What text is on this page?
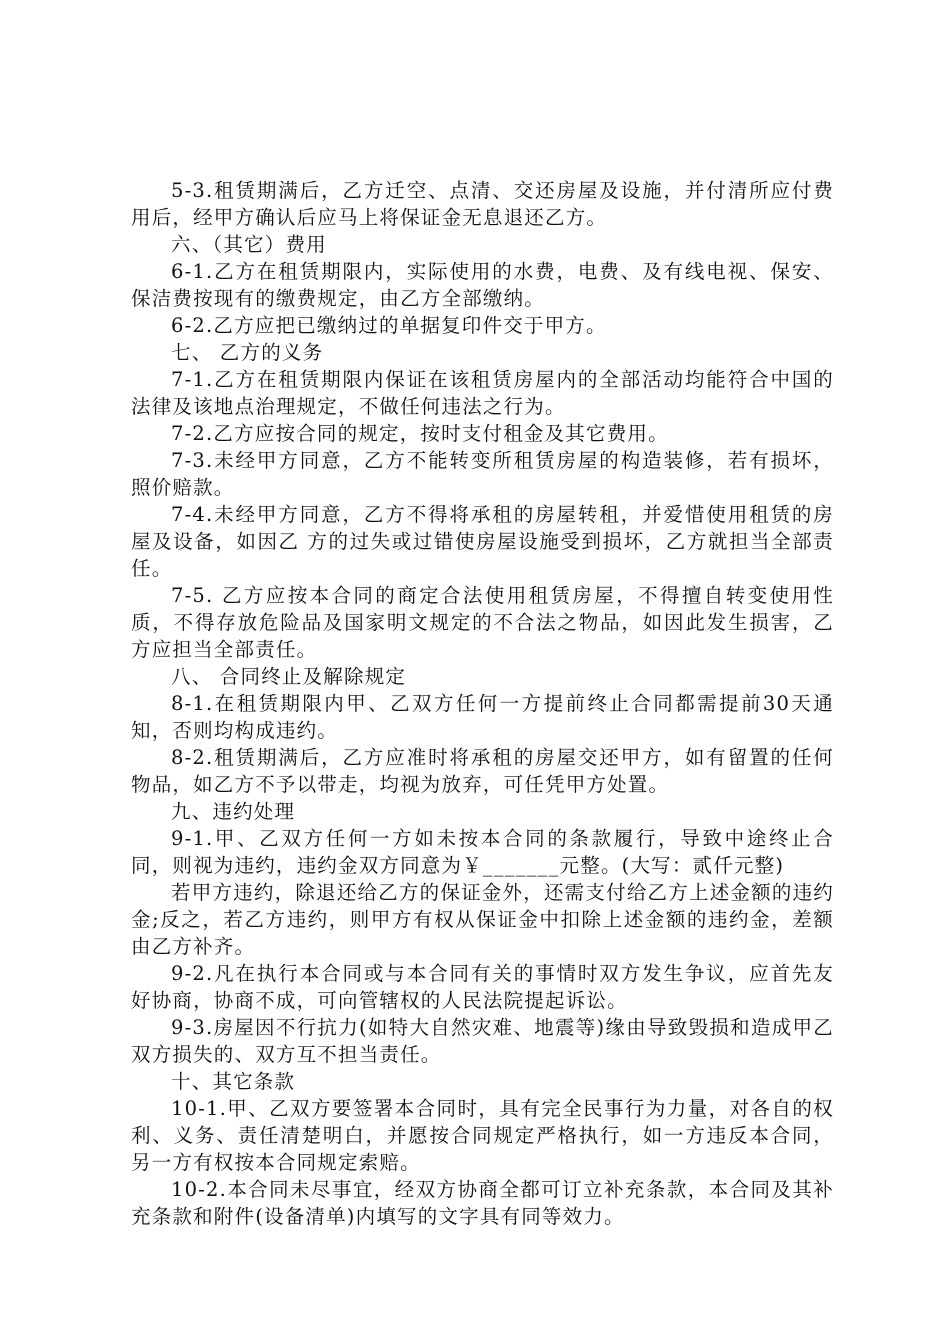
5-3.租赁期满后，乙方迁空、点清、交还房屋及设施，并付清所应付费用后，经甲方确认后应马上将保证金无息退还乙方。

六、（其它）费用

6-1.乙方在租赁期限内，实际使用的水费，电费、及有线电视、保安、保洁费按现有的缴费规定，由乙方全部缴纳。

6-2.乙方应把已缴纳过的单据复印件交于甲方。

七、 乙方的义务

7-1.乙方在租赁期限内保证在该租赁房屋内的全部活动均能符合中国的法律及该地点治理规定，不做任何违法之行为。

7-2.乙方应按合同的规定，按时支付租金及其它费用。

7-3.未经甲方同意，乙方不能转变所租赁房屋的构造装修，若有损坏，照价赔款。

7-4.未经甲方同意，乙方不得将承租的房屋转租，并爱惜使用租赁的房屋及设备，如因乙 方的过失或过错使房屋设施受到损坏，乙方就担当全部责任。

7-5. 乙方应按本合同的商定合法使用租赁房屋，不得擅自转变使用性质，不得存放危险品及国家明文规定的不合法之物品，如因此发生损害，乙方应担当全部责任。

八、 合同终止及解除规定

8-1.在租赁期限内甲、乙双方任何一方提前终止合同都需提前30天通知，否则均构成违约。

8-2.租赁期满后，乙方应准时将承租的房屋交还甲方，如有留置的任何物品，如乙方不予以带走，均视为放弃，可任凭甲方处置。

九、违约处理

9-1.甲、乙双方任何一方如未按本合同的条款履行，导致中途终止合同，则视为违约，违约金双方同意为￥_______元整。(大写：贰仟元整)

若甲方违约，除退还给乙方的保证金外，还需支付给乙方上述金额的违约金;反之，若乙方违约，则甲方有权从保证金中扣除上述金额的违约金，差额由乙方补齐。

9-2.凡在执行本合同或与本合同有关的事情时双方发生争议，应首先友好协商，协商不成，可向管辖权的人民法院提起诉讼。

9-3.房屋因不行抗力(如特大自然灾难、地震等)缘由导致毁损和造成甲乙双方损失的、双方互不担当责任。

十、其它条款

10-1.甲、乙双方要签署本合同时，具有完全民事行为力量，对各自的权利、义务、责任清楚明白，并愿按合同规定严格执行，如一方违反本合同，另一方有权按本合同规定索赔。

10-2.本合同未尽事宜，经双方协商全都可订立补充条款，本合同及其补充条款和附件(设备清单)内填写的文字具有同等效力。
